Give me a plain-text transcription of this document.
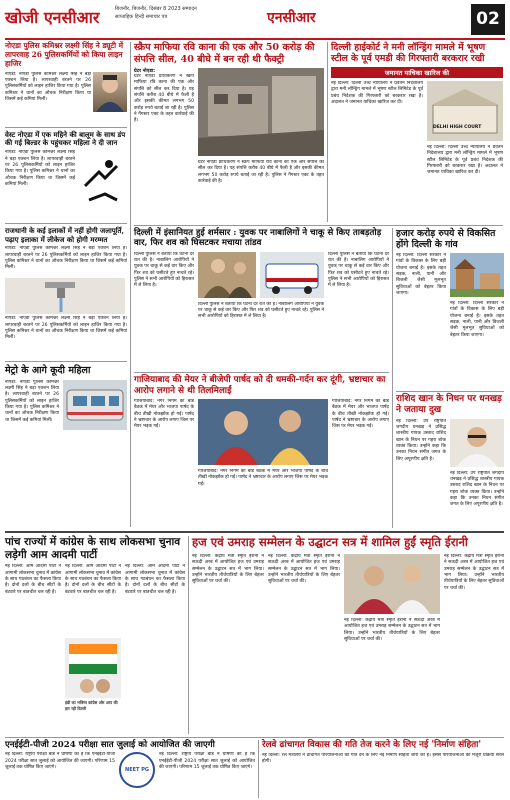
खोजी एनसीआर	बिजनौर, बिजनौर, दिसंबर 8 2023 सम्पादन
साप्ताहिक हिन्दी समाचार पत्र	एनसीआर	02
नोएडा पुलिस कमिश्नर लक्ष्मी सिंह ने ड्यूटी में लापरवाह 26 पुलिसकर्मियों को किया लाइन हाजिर
नोएडा: नोएडा पुलिस कमिश्नर लक्ष्मी सिंह ने बड़ा एक्शन लिया है। लापरवाही बरतने पर 26 पुलिसकर्मियों को लाइन हाजिर किया गया है। पुलिस कमिश्नर ने थानों का औचक निरीक्षण किया था जिसमें कई कमियां मिलीं।
वेस्ट नोएडा में एक महिने की बालूम के साथ डंप की गई बिल्डर के पहुंचकर महिला ने दी जान
नोएडा: नोएडा पुलिस कमिश्नर लक्ष्मी सिंह ने बड़ा एक्शन लिया है। लापरवाही बरतने पर 26 पुलिसकर्मियों को लाइन हाजिर किया गया है। पुलिस कमिश्नर ने थानों का औचक निरीक्षण किया था जिसमें कई कमियां मिलीं।
राजधानी के कई इलाकों में नहीं होगी जलापूर्ति, पढ़ाए इलाका में लीकेज को होगी मरम्मत
नोएडा: नोएडा पुलिस कमिश्नर लक्ष्मी सिंह ने बड़ा एक्शन लिया है। लापरवाही बरतने पर 26 पुलिसकर्मियों को लाइन हाजिर किया गया है। पुलिस कमिश्नर ने थानों का औचक निरीक्षण किया था जिसमें कई कमियां मिलीं।
नोएडा: नोएडा पुलिस कमिश्नर लक्ष्मी सिंह ने बड़ा एक्शन लिया है। लापरवाही बरतने पर 26 पुलिसकर्मियों को लाइन हाजिर किया गया है। पुलिस कमिश्नर ने थानों का औचक निरीक्षण किया था जिसमें कई कमियां मिलीं।
मेट्रो के आगे कूदी महिला
नोएडा: नोएडा पुलिस कमिश्नर लक्ष्मी सिंह ने बड़ा एक्शन लिया है। लापरवाही बरतने पर 26 पुलिसकर्मियों को लाइन हाजिर किया गया है। पुलिस कमिश्नर ने थानों का औचक निरीक्षण किया था जिसमें कई कमियां मिलीं।
स्क्रैप माफिया रवि काना की एक और 50 करोड़ की संपत्ति सील, 40 बीघे में बन रही थी फैक्ट्री
ग्रेटर नोएडा:
ग्रेटर नोएडा प्राधिकरण ने स्क्रैप माफिया रवि काना की एक और संपत्ति को सील कर दिया है। यह संपत्ति करीब 40 बीघे में फैली है और इसकी कीमत लगभग 50 करोड़ रुपये बताई जा रही है। पुलिस ने गैंगस्टर एक्ट के तहत कार्रवाई की है।
ग्रेटर नोएडा प्राधिकरण ने स्क्रैप माफिया रवि काना की एक और संपत्ति को सील कर दिया है। यह संपत्ति करीब 40 बीघे में फैली है और इसकी कीमत लगभग 50 करोड़ रुपये बताई जा रही है। पुलिस ने गैंगस्टर एक्ट के तहत कार्रवाई की है।
दिल्ली हाईकोर्ट ने मनी लॉन्ड्रिंग मामले में भूषण स्टील के पूर्व एमडी की गिरफ्तारी बरकरार रखी
जमानत याचिका खारिज की
नई दिल्ली: दिल्ली उच्च न्यायालय ने प्रवर्तन निदेशालय द्वारा मनी लॉन्ड्रिंग मामले में भूषण स्टील लिमिटेड के पूर्व प्रबंध निदेशक की गिरफ्तारी को बरकरार रखा है। अदालत ने जमानत याचिका खारिज कर दी।
DELHI HIGH COURT
नई दिल्ली: दिल्ली उच्च न्यायालय ने प्रवर्तन निदेशालय द्वारा मनी लॉन्ड्रिंग मामले में भूषण स्टील लिमिटेड के पूर्व प्रबंध निदेशक की गिरफ्तारी को बरकरार रखा है। अदालत ने जमानत याचिका खारिज कर दी।
दिल्ली में इंसानियत हुई शर्मसार : युवक पर नाबालिगों ने चाकू से किए ताबड़तोड़ वार, फिर शव को घिसटकर मचाया तांडव
दिल्ली पुलिस ने बताया कि घटना देर रात की है। नाबालिग आरोपियों ने युवक पर चाकू से कई वार किए और फिर शव को घसीटते हुए नाचते रहे। पुलिस ने सभी आरोपियों को हिरासत में ले लिया है।
दिल्ली पुलिस ने बताया कि घटना देर रात की है। नाबालिग आरोपियों ने युवक पर चाकू से कई वार किए और फिर शव को घसीटते हुए नाचते रहे। पुलिस ने सभी आरोपियों को हिरासत में ले लिया है।
दिल्ली पुलिस ने बताया कि घटना देर रात की है। नाबालिग आरोपियों ने युवक पर चाकू से कई वार किए और फिर शव को घसीटते हुए नाचते रहे। पुलिस ने सभी आरोपियों को हिरासत में ले लिया है।
हजार करोड़ रुपये से विकसित होंगे दिल्ली के गांव
नई दिल्ली: दिल्ली सरकार ने गांवों के विकास के लिए बड़ी योजना बनाई है। इसके तहत सड़क, नाली, पानी और बिजली जैसी मूलभूत सुविधाओं को बेहतर किया जाएगा।
नई दिल्ली: दिल्ली सरकार ने गांवों के विकास के लिए बड़ी योजना बनाई है। इसके तहत सड़क, नाली, पानी और बिजली जैसी मूलभूत सुविधाओं को बेहतर किया जाएगा।
गाजियाबाद की मेयर ने बीजेपी पार्षद को दी धमकी-गर्दन कर दूंगी, भ्रष्टाचार का आरोप लगाने से थी तिलमिलाईं
गाजियाबाद: नगर निगम की बोर्ड बैठक में मेयर और भाजपा पार्षद के बीच तीखी नोकझोंक हो गई। पार्षद ने भ्रष्टाचार के आरोप लगाए जिस पर मेयर भड़क गईं।
गाजियाबाद: नगर निगम की बोर्ड बैठक में मेयर और भाजपा पार्षद के बीच तीखी नोकझोंक हो गई। पार्षद ने भ्रष्टाचार के आरोप लगाए जिस पर मेयर भड़क गईं।
गाजियाबाद: नगर निगम की बोर्ड बैठक में मेयर और भाजपा पार्षद के बीच तीखी नोकझोंक हो गई। पार्षद ने भ्रष्टाचार के आरोप लगाए जिस पर मेयर भड़क गईं।
राशिद खान के निधन पर धनखड़ ने जताया दुख
नई दिल्ली: उप राष्ट्रपति जगदीप धनखड़ ने प्रसिद्ध शास्त्रीय गायक उस्ताद राशिद खान के निधन पर गहरा शोक व्यक्त किया। उन्होंने कहा कि उनका निधन संगीत जगत के लिए अपूरणीय क्षति है।
नई दिल्ली: उप राष्ट्रपति जगदीप धनखड़ ने प्रसिद्ध शास्त्रीय गायक उस्ताद राशिद खान के निधन पर गहरा शोक व्यक्त किया। उन्होंने कहा कि उनका निधन संगीत जगत के लिए अपूरणीय क्षति है।
पांच राज्यों में कांग्रेस के साथ लोकसभा चुनाव लड़ेगी आम आदमी पार्टी
नई दिल्ली: आम आदमी पार्टी ने आगामी लोकसभा चुनाव में कांग्रेस के साथ गठबंधन का फैसला किया है। दोनों दलों के बीच सीटों के बंटवारे पर बातचीत चल रही है।
नई दिल्ली: आम आदमी पार्टी ने आगामी लोकसभा चुनाव में कांग्रेस के साथ गठबंधन का फैसला किया है। दोनों दलों के बीच सीटों के बंटवारे पर बातचीत चल रही है।
इंडी का भविष्य कांग्रेस और आप की हार रही दिल्ली
नई दिल्ली: आम आदमी पार्टी ने आगामी लोकसभा चुनाव में कांग्रेस के साथ गठबंधन का फैसला किया है। दोनों दलों के बीच सीटों के बंटवारे पर बातचीत चल रही है।
हज एवं उमराह सम्मेलन के उद्घाटन सत्र में शामिल हुईं स्मृति ईरानी
नई दिल्ली: केंद्रीय मंत्री स्मृति ईरानी ने सऊदी अरब में आयोजित हज एवं उमराह सम्मेलन के उद्घाटन सत्र में भाग लिया। उन्होंने भारतीय तीर्थयात्रियों के लिए बेहतर सुविधाओं पर चर्चा की।
नई दिल्ली: केंद्रीय मंत्री स्मृति ईरानी ने सऊदी अरब में आयोजित हज एवं उमराह सम्मेलन के उद्घाटन सत्र में भाग लिया। उन्होंने भारतीय तीर्थयात्रियों के लिए बेहतर सुविधाओं पर चर्चा की।
नई दिल्ली: केंद्रीय मंत्री स्मृति ईरानी ने सऊदी अरब में आयोजित हज एवं उमराह सम्मेलन के उद्घाटन सत्र में भाग लिया। उन्होंने भारतीय तीर्थयात्रियों के लिए बेहतर सुविधाओं पर चर्चा की।
नई दिल्ली: केंद्रीय मंत्री स्मृति ईरानी ने सऊदी अरब में आयोजित हज एवं उमराह सम्मेलन के उद्घाटन सत्र में भाग लिया। उन्होंने भारतीय तीर्थयात्रियों के लिए बेहतर सुविधाओं पर चर्चा की।
एनईईटी-पीजी 2024 परीक्षा सात जुलाई को आयोजित की जाएगी
नई दिल्ली: राष्ट्रीय परीक्षा बोर्ड ने घोषणा की है कि एनईईटी-पीजी 2024 परीक्षा सात जुलाई को आयोजित की जाएगी। परिणाम 15 जुलाई तक घोषित किए जाएंगे।	NEET PG
नई दिल्ली: राष्ट्रीय परीक्षा बोर्ड ने घोषणा की है कि एनईईटी-पीजी 2024 परीक्षा सात जुलाई को आयोजित की जाएगी। परिणाम 15 जुलाई तक घोषित किए जाएंगे।
रेलवे ढांचागत विकास की गति तेज करने के लिए नई 'निर्माण संहिता'
नई दिल्ली: रेल मंत्रालय ने ढांचागत परियोजनाओं को गति देने के लिए नई निर्माण संहिता जारी की है। इससे परियोजनाओं की मंजूरी प्रक्रिया सरल होगी।
